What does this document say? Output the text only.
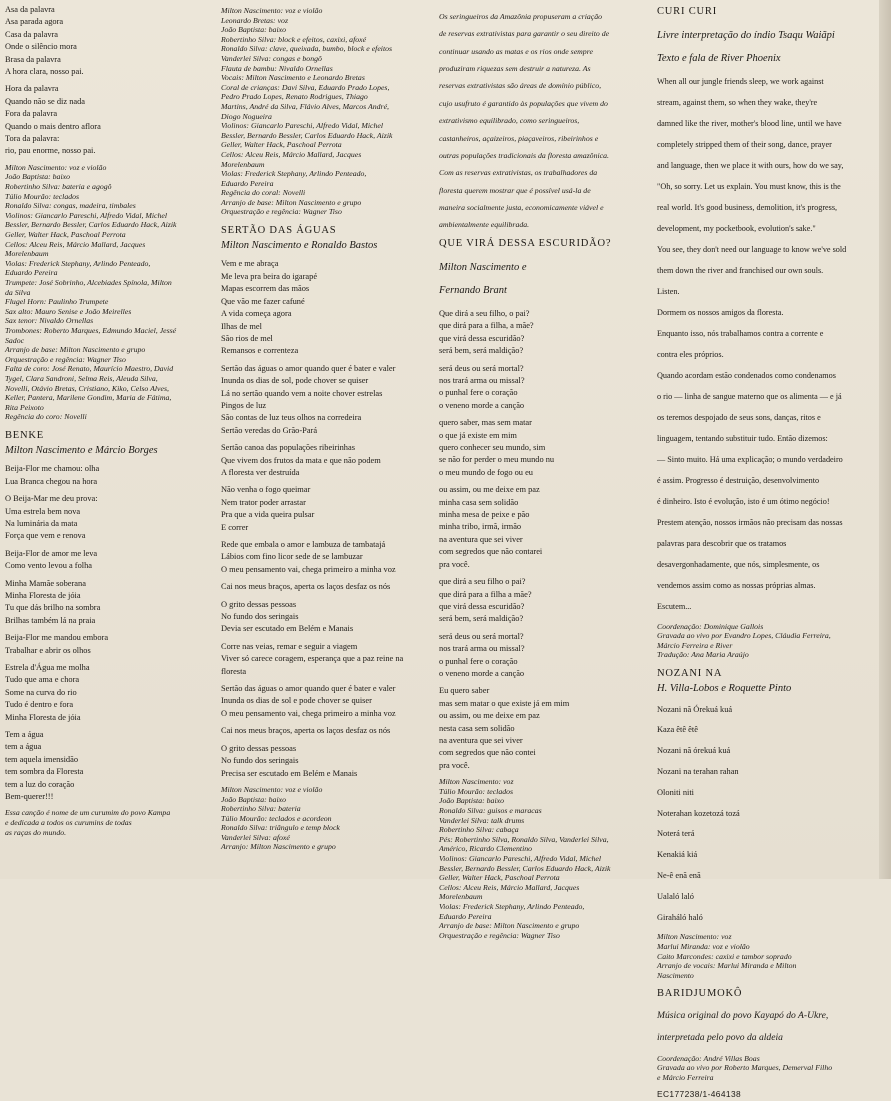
Asa da palavra

Asa parada agora

Casa da palavra

Onde o silêncio mora

Brasa da palavra

A hora clara, nosso pai.

Hora da palavra

Quando não se diz nada

Fora da palavra

Quando o mais dentro aflora

Tora da palavra:

rio, pau enorme, nosso pai.

Milton Nascimento: voz e violão

João Baptista: baixo

Robertinho Silva: bateria e agogô

Túlio Mourão: teclados

Ronaldo Silva: congas, madeira, timbales

Violinos: Giancarlo Pareschi, Alfredo Vidal, Michel

Bessler, Bernardo Bessler, Carlos Eduardo Hack, Aizik

Geller, Walter Hack, Paschoal Perrota

Cellos: Alceu Reis, Márcio Mallard, Jacques

Morelenbaum

Violas: Frederick Stephany, Arlindo Penteado,

Eduardo Pereira

Trumpete: José Sobrinho, Alcebiades Spínola, Milton

da Silva

Flugel Horn: Paulinho Trumpete

Sax alto: Mauro Senise e João Meirelles

Sax tenor: Nivaldo Ornellas

Trombones: Roberto Marques, Edmundo Maciel, Jessé

Sadoc

Arranjo de base: Milton Nascimento e grupo

Orquestração e regência: Wagner Tiso

Falta de coro: José Renato, Maurício Maestro, David

Tygel, Clara Sandroni, Selma Reis, Aleuda Silva,

Novelli, Otávio Bretas, Cristiano, Kiko, Celso Alves,

Keller, Pantera, Marilene Gondim, Maria de Fátima,

Rita Peixoto

Regência do coro: Novelli

BENKE
Milton Nascimento e Márcio Borges

Beija-Flor me chamou: olha

Lua Branca chegou na hora

O Beija-Mar me deu prova:

Uma estrela bem nova

Na luminária da mata

Força que vem e renova

Beija-Flor de amor me leva

Como vento levou a folha

Minha Mamãe soberana

Minha Floresta de jóia

Tu que dás brilho na sombra

Brilhas também lá na praia

Beija-Flor me mandou embora

Trabalhar e abrir os olhos

Estrela d'Água me molha

Tudo que ama e chora

Some na curva do rio

Tudo é dentro e fora

Minha Floresta de jóia

Tem a água

tem a água

tem aquela imensidão

tem sombra da Floresta

tem a luz do coração

Bem-querer!!!

Essa canção é nome de um curumim do povo Kampa

e dedicada a todos os curumins de todas

as raças do mundo.

Milton Nascimento: voz e violão

Leonardo Bretas: voz

João Baptista: baixo

Robertinho Silva: block e efeitos, caxixi, afoxé

Ronaldo Silva: clave, queixada, bumbo, block e efeitos

Vanderlei Silva: congas e bongô

Flauta de bambu: Nivaldo Ornellas

Vocais: Milton Nascimento e Leonardo Bretas

Coral de crianças: Davi Silva, Eduardo Prado Lopes,

Pedro Prado Lopes, Renato Rodrigues, Thiago

Martins, André da Silva, Flávio Alves, Marcos André,

Diogo Nogueira

Violinos: Giancarlo Pareschi, Alfredo Vidal, Michel

Bessler, Bernardo Bessler, Carlos Eduardo Hack, Aizik

Geller, Walter Hack, Paschoal Perrota

Cellos: Alceu Reis, Márcio Mallard, Jacques

Morelenbaum

Violas: Frederick Stephany, Arlindo Penteado,

Eduardo Pereira

Regência do coral: Novelli

Arranjo de base: Milton Nascimento e grupo

Orquestração e regência: Wagner Tiso

SERTÃO DAS ÁGUAS
Milton Nascimento e Ronaldo Bastos

Vem e me abraça

Me leva pra beira do igarapé

Mapas escorrem das mãos

Que vão me fazer cafuné

A vida começa agora

Ilhas de mel

São rios de mel

Remansos e correnteza

Sertão das águas o amor quando quer é bater e valer

Inunda os dias de sol, pode chover se quiser

Lá no sertão quando vem a noite chover estrelas

Pingos de luz

São contas de luz teus olhos na corredeira

Sertão veredas do Grão-Pará

Sertão canoa das populações ribeirinhas

Que vivem dos frutos da mata e que não podem

A floresta ver destruída

Não venha o fogo queimar

Nem trator poder arrastar

Pra que a vida queira pulsar

E correr

Rede que embala o amor e lambuza de tambatajá

Lábios com fino licor sede de se lambuzar

O meu pensamento vai, chega primeiro a minha voz

Cai nos meus braços, aperta os laços desfaz os nós

O grito dessas pessoas

No fundo dos seringais

Devia ser escutado em Belém e Manais

Corre nas veias, remar e seguir a viagem

Viver só carece coragem, esperança que a paz reine na

floresta

Sertão das águas o amor quando quer é bater e valer

Inunda os dias de sol e pode chover se quiser

O meu pensamento vai, chega primeiro a minha voz

Cai nos meus braços, aperta os laços desfaz os nós

O grito dessas pessoas

No fundo dos seringais

Precisa ser escutado em Belém e Manais

Milton Nascimento: voz e violão

João Baptista: baixo

Robertinho Silva: bateria

Túlio Mourão: teclados e acordeon

Ronaldo Silva: triângulo e temp block

Vanderlei Silva: afoxé

Arranjo: Milton Nascimento e grupo

Os seringueiros da Amazônia propuseram a criação

de reservas extrativistas para garantir o seu direito de

continuar usando as matas e os rios onde sempre

produziram riquezas sem destruir a natureza. As

reservas extrativistas são áreas de domínio público,

cujo usufruto é garantido às populações que vivem do

extrativismo equilibrado, como seringueiros,

castanheiros, açaizeiros, piaçaveiros, ribeirinhos e

outras populações tradicionais da floresta amazônica.

Com as reservas extrativistas, os trabalhadores da

floresta querem mostrar que é possível usá-la de

maneira socialmente justa, economicamente viável e

ambientalmente equilibrada.

QUE VIRÁ DESSA ESCURIDÃO?

Milton Nascimento e

Fernando Brant

Que dirá a seu filho, o pai?

que dirá para a filha, a mãe?

que virá dessa escuridão?

será bem, será maldição?

será deus ou será mortal?

nos trará arma ou missal?

o punhal fere o coração

o veneno morde a canção

quero saber, mas sem matar

o que já existe em mim

quero conhecer seu mundo, sim

se não for perder o meu mundo nu

o meu mundo de fogo ou eu

ou assim, ou me deixe em paz

minha casa sem solidão

minha mesa de peixe e pão

minha tribo, irmã, irmão

na aventura que sei viver

com segredos que não contarei

pra você.

que dirá a seu filho o pai?

que dirá para a filha a mãe?

que virá dessa escuridão?

será bem, será maldição?

será deus ou será mortal?

nos trará arma ou missal?

o punhal fere o coração

o veneno morde a canção

Eu quero saber

mas sem matar o que existe já em mim

ou assim, ou me deixe em paz

nesta casa sem solidão

na aventura que sei viver

com segredos que não contei

pra você.

Milton Nascimento: voz

Túlio Mourão: teclados

João Baptista: baixo

Ronaldo Silva: guisos e maracas

Vanderlei Silva: talk drums

Robertinho Silva: cabaça

Pés: Robertinho Silva, Ronaldo Silva, Vanderlei Silva,

Américo, Ricardo Clementino

Violinos: Giancarlo Pareschi, Alfredo Vidal, Michel

Bessler, Bernardo Bessler, Carlos Eduardo Hack, Aizik

Geller, Walter Hack, Paschoal Perrota

Cellos: Alceu Reis, Márcio Mallard, Jacques

Morelenbaum

Violas: Frederick Stephany, Arlindo Penteado,

Eduardo Pereira

Arranjo de base: Milton Nascimento e grupo

Orquestração e regência: Wagner Tiso

CURI CURI

Livre interpretação do índio Tsaqu Waiãpi

Texto e fala de River Phoenix

When all our jungle friends sleep, we work against

stream, against them, so when they wake, they're

damned like the river, mother's blood line, until we have

completely stripped them of their song, dance, prayer

and language, then we place it with ours, how do we say,

"Oh, so sorry. Let us explain. You must know, this is the

real world. It's good business, demolition, it's progress,

development, my pocketbook, evolution's sake."

You see, they don't need our language to know we've sold

them down the river and franchised our own souls.

Listen.

Dormem os nossos amigos da floresta.

Enquanto isso, nós trabalhamos contra a corrente e

contra eles próprios.

Quando acordam estão condenados como condenamos

o rio — linha de sangue materno que os alimenta — e já

os teremos despojado de seus sons, danças, ritos e

linguagem, tentando substituir tudo. Então dizemos:

— Sinto muito. Há uma explicação; o mundo verdadeiro

é assim. Progresso é destruição, desenvolvimento

é dinheiro. Isto é evolução, isto é um ótimo negócio!

Prestem atenção, nossos irmãos não precisam das nossas

palavras para descobrir que os tratamos

desavergonhadamente, que nós, simplesmente, os

vendemos assim como as nossas próprias almas.

Escutem...

Coordenação: Dominique Gallois

Gravada ao vivo por Evandro Lopes, Cláudia Ferreira,

Márcio Ferreira e River

Tradução: Ana Maria Araújo

NOZANI NA
H. Villa-Lobos e Roquette Pinto

Nozani nã Órekuá kuá

Kaza êtê êtê

Nozani nã órekuá kuá

Nozani na terahan rahan

Oloniti niti

Noterahan kozetozá tozá

Noterá terá

Kenakiá kiá

Ne-ê enã enã

Ualaló laló

Giraháló haló

Milton Nascimento: voz

Marlui Miranda: voz e violão

Caito Marcondes: caxixi e tambor soprado

Arranjo de vocais: Marlui Miranda e Milton

Nascimento

BARIDJUMOKÔ

Música original do povo Kayapó do A-Ukre,

interpretada pelo povo da aldeia

Coordenação: André Villas Boas

Gravada ao vivo por Roberto Marques, Demerval Filho

e Márcio Ferreira

EC177238/1-464138
